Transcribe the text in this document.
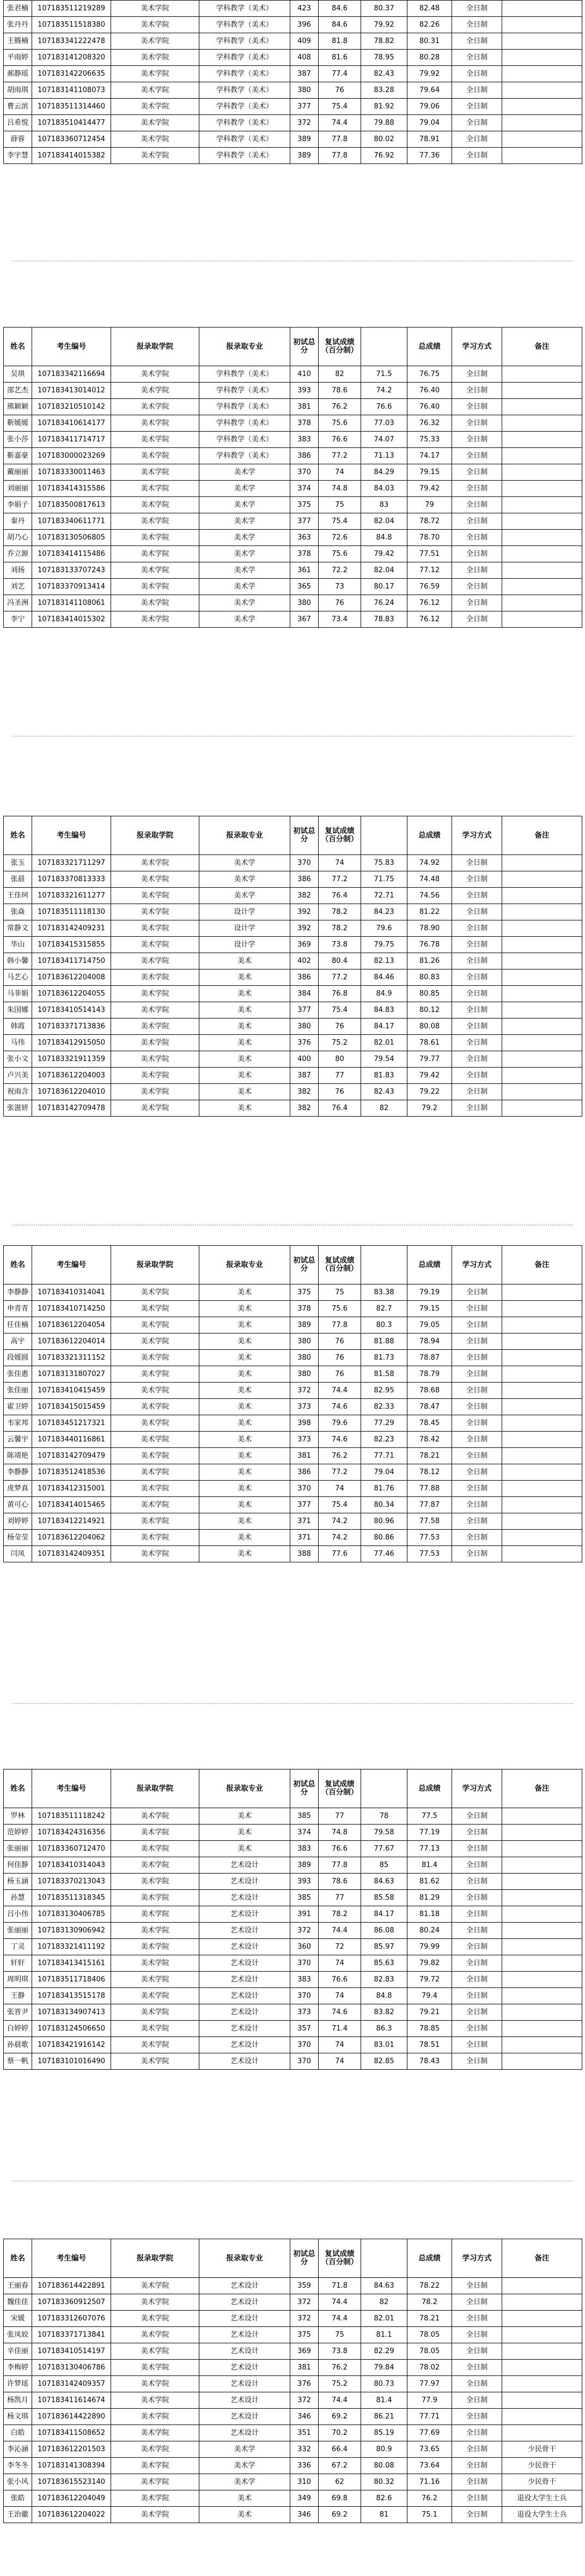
张君楠	107183511219289	美术学院	学科教学（美术）	423	84.6	80.37	82.48	全日制	
张丹丹	107183511518380	美术学院	学科教学（美术）	396	84.6	79.92	82.26	全日制	
王腾楠	107183341222478	美术学院	学科教学（美术）	409	81.8	78.82	80.31	全日制	
平雨婷	107183141208320	美术学院	学科教学（美术）	408	81.6	78.95	80.28	全日制	
郝静瑶	107183142206635	美术学院	学科教学（美术）	387	77.4	82.43	79.92	全日制	
胡雨琪	107183141108073	美术学院	学科教学（美术）	380	76	83.28	79.64	全日制	
曹云滨	107183511314460	美术学院	学科教学（美术）	377	75.4	81.92	79.06	全日制	
吕希悦	107183510414477	美术学院	学科教学（美术）	372	74.4	79.88	79.04	全日制	
薛蓉	107183360712454	美术学院	学科教学（美术）	389	77.8	80.02	78.91	全日制	
李宇慧	107183414015382	美术学院	学科教学（美术）	389	77.8	76.92	77.36	全日制	
姓名	考生编号	报录取学院	报录取专业	初试总分	复试成绩（百分制）		总成绩	学习方式	备注
吴琪	107183342116694	美术学院	学科教学（美术）	410	82	71.5	76.75	全日制	
邵艺杰	107183413014012	美术学院	学科教学（美术）	393	78.6	74.2	76.40	全日制	
熊颖颖	107183210510142	美术学院	学科教学（美术）	381	76.2	76.6	76.40	全日制	
靳媛媛	107183410614177	美术学院	学科教学（美术）	378	75.6	77.03	76.32	全日制	
张小莎	107183411714717	美术学院	学科教学（美术）	383	76.6	74.07	75.33	全日制	
靳嘉豪	107183000023269	美术学院	学科教学（美术）	386	77.2	71.13	74.17	全日制	
戴丽丽	107183330011463	美术学院	美术学	370	74	84.29	79.15	全日制	
刘丽丽	107183414315586	美术学院	美术学	374	74.8	84.03	79.42	全日制	
李娟子	107183500817613	美术学院	美术学	375	75	83	79	全日制	
秦丹	107183340611771	美术学院	美术学	377	75.4	82.04	78.72	全日制	
胡乃心	107183130506805	美术学院	美术学	363	72.6	84.8	78.70	全日制	
乔立源	107183414115486	美术学院	美术学	378	75.6	79.42	77.51	全日制	
刘扬	107183133707243	美术学院	美术学	361	72.2	82.04	77.12	全日制	
刘艺	107183370913414	美术学院	美术学	365	73	80.17	76.59	全日制	
冯圣洲	107183141108061	美术学院	美术学	380	76	76.24	76.12	全日制	
李宁	107183414015302	美术学院	美术学	367	73.4	78.83	76.12	全日制	
姓名	考生编号	报录取学院	报录取专业	初试总分	复试成绩（百分制）		总成绩	学习方式	备注
张玉	107183321711297	美术学院	美术学	370	74	75.83	74.92	全日制	
张晨	107183370813333	美术学院	美术学	386	77.2	71.75	74.48	全日制	
王佳珂	107183321611277	美术学院	美术学	382	76.4	72.71	74.56	全日制	
张焱	107183511118130	美术学院	设计学	392	78.2	84.23	81.22	全日制	
常静文	107183142409231	美术学院	设计学	392	78.2	79.6	78.90	全日制	
华山	107183415315855	美术学院	设计学	369	73.8	79.75	76.78	全日制	
韩小馨	107183411714750	美术学院	美术	402	80.4	82.13	81.26	全日制	
马艺心	107183612204008	美术学院	美术	386	77.2	84.46	80.83	全日制	
马菲娟	107183612204055	美术学院	美术	384	76.8	84.9	80.85	全日制	
朱国娜	107183410514143	美术学院	美术	377	75.4	84.83	80.12	全日制	
韩霞	107183371713836	美术学院	美术	380	76	84.17	80.08	全日制	
马伟	107183412915050	美术学院	美术	376	75.2	82.01	78.61	全日制	
张小文	107183321911359	美术学院	美术	400	80	79.54	79.77	全日制	
卢兴美	107183612204003	美术学院	美术	387	77	81.83	79.42	全日制	
祝雨含	107183612204010	美术学院	美术	382	76	82.43	79.22	全日制	
张滋妍	107183142709478	美术学院	美术	382	76.4	82	79.2	全日制	
姓名	考生编号	报录取学院	报录取专业	初试总分	复试成绩（百分制）		总成绩	学习方式	备注
李静静	107183410314041	美术学院	美术	375	75	83.38	79.19	全日制	
申青青	107183410714250	美术学院	美术	378	75.6	82.7	79.15	全日制	
任佳楠	107183612204054	美术学院	美术	389	77.8	80.3	79.05	全日制	
高宇	107183612204014	美术学院	美术	380	76	81.88	78.94	全日制	
段媛圆	107183321311152	美术学院	美术	380	76	81.73	78.87	全日制	
张佳惠	107183131807027	美术学院	美术	380	76	81.58	78.79	全日制	
张佳丽	107183410415459	美术学院	美术	372	74.4	82.95	78.68	全日制	
霍卫婷	107183415015459	美术学院	美术	373	74.6	82.33	78.47	全日制	
韦家邦	107183451217321	美术学院	美术	398	79.6	77.29	78.45	全日制	
云馨宇	107183440116861	美术学院	美术	373	74.6	82.23	78.42	全日制	
陈靖艳	107183142709479	美术学院	美术	381	76.2	77.71	78.21	全日制	
李静静	107183512418536	美术学院	美术	386	77.2	79.04	78.12	全日制	
虎梦真	107183412315001	美术学院	美术	370	74	81.76	77.88	全日制	
黄可心	107183414015465	美术学院	美术	377	75.4	80.34	77.87	全日制	
刘婷婷	107183412214921	美术学院	美术	371	74.2	80.96	77.58	全日制	
杨莹莹	107183612204062	美术学院	美术	371	74.2	80.86	77.53	全日制	
闫凤	107183142409351	美术学院	美术	388	77.6	77.46	77.53	全日制	
姓名	考生编号	报录取学院	报录取专业	初试总分	复试成绩（百分制）		总成绩	学习方式	备注
罗林	107183511118242	美术学院	美术	385	77	78	77.5	全日制	
范婷婷	107183424316356	美术学院	美术	374	74.8	79.58	77.19	全日制	
张丽丽	107183360712470	美术学院	美术	383	76.6	77.67	77.13	全日制	
何佳静	107183410314043	美术学院	艺术设计	389	77.8	85	81.4	全日制	
杨玉涵	107183370213043	美术学院	艺术设计	393	78.6	84.63	81.62	全日制	
孙慧	107183511318345	美术学院	艺术设计	385	77	85.58	81.29	全日制	
吕小伟	107183130406785	美术学院	艺术设计	391	78.2	84.17	81.18	全日制	
张丽丽	107183130906942	美术学院	艺术设计	372	74.4	86.08	80.24	全日制	
丁灵	107183321411192	美术学院	艺术设计	360	72	85.97	79.99	全日制	
轩轩	107183413415161	美术学院	艺术设计	370	74	85.63	79.82	全日制	
周明琪	107183511718406	美术学院	艺术设计	383	76.6	82.83	79.72	全日制	
王静	107183413515178	美术学院	艺术设计	370	74	84.8	79.4	全日制	
张晋尹	107183134907413	美术学院	艺术设计	373	74.6	83.82	79.21	全日制	
白婷婷	107183124506650	美术学院	艺术设计	357	71.4	86.3	78.85	全日制	
孙晨歌	107183421916142	美术学院	艺术设计	370	74	83.01	78.51	全日制	
蔡一帆	107183101016490	美术学院	艺术设计	370	74	82.85	78.43	全日制	
姓名	考生编号	报录取学院	报录取专业	初试总分	复试成绩（百分制）		总成绩	学习方式	备注
王丽春	107183614422891	美术学院	艺术设计	359	71.8	84.63	78.22	全日制	
魏佳佳	107183360912507	美术学院	艺术设计	372	74.4	82	78.2	全日制	
宋媛	107183312607076	美术学院	艺术设计	372	74.4	82.01	78.21	全日制	
张凤姣	107183371713841	美术学院	艺术设计	375	75	81.1	78.05	全日制	
辛佳丽	107183410514197	美术学院	艺术设计	369	73.8	82.29	78.05	全日制	
李梅婷	107183130406786	美术学院	艺术设计	381	76.2	79.84	78.02	全日制	
许梦瑶	107183142409357	美术学院	艺术设计	376	75.2	80.73	77.97	全日制	
杨凯月	107183411614674	美术学院	艺术设计	372	74.4	81.4	77.9	全日制	
杨文琪	107183614422890	美术学院	艺术设计	346	69.2	86.21	77.71	全日制	
白皓	107183411508652	美术学院	艺术设计	351	70.2	85.19	77.69	全日制	
李沁涵	107183612201503	美术学院	美术学	332	66.4	80.9	73.65	全日制	少民骨干
李冬冬	107183141308394	美术学院	美术学	336	67.2	80.08	73.64	全日制	少民骨干
张小风	107183615523140	美术学院	美术学	310	62	80.32	71.16	全日制	少民骨干
张皓	107183612204049	美术学院	美术	349	69.8	82.6	76.2	全日制	退役大学生士兵
王治徽	107183612204022	美术学院	美术	346	69.2	81	75.1	全日制	退役大学生士兵
